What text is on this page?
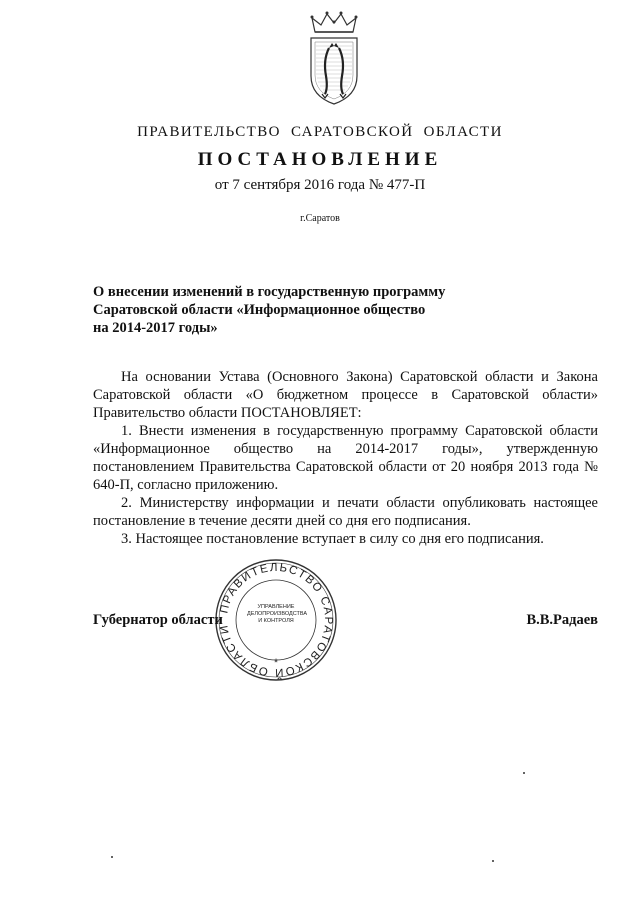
ПРАВИТЕЛЬСТВО САРАТОВСКОЙ ОБЛАСТИ
ПОСТАНОВЛЕНИЕ
от 7 сентября 2016 года № 477-П
г.Саратов
О внесении изменений в государственную программу
Саратовской области «Информационное общество
на 2014-2017 годы»

На основании Устава (Основного Закона) Саратовской области и Закона Саратовской области «О бюджетном процессе в Саратовской области» Правительство области ПОСТАНОВЛЯЕТ:

1. Внести изменения в государственную программу Саратовской области «Информационное общество на 2014-2017 годы», утвержденную постановлением Правительства Саратовской области от 20 ноября 2013 года № 640-П, согласно приложению.

2. Министерству информации и печати области опубликовать настоящее постановление в течение десяти дней со дня его подписания.

3. Настоящее постановление вступает в силу со дня его подписания.

ПРАВИТЕЛЬСТВО САРАТОВСКОЙ ОБЛАСТИ
*
УПРАВЛЕНИЕ
ДЕЛОПРОИЗВОДСТВА
И КОНТРОЛЯ
Губернатор области	В.В.Радаев
